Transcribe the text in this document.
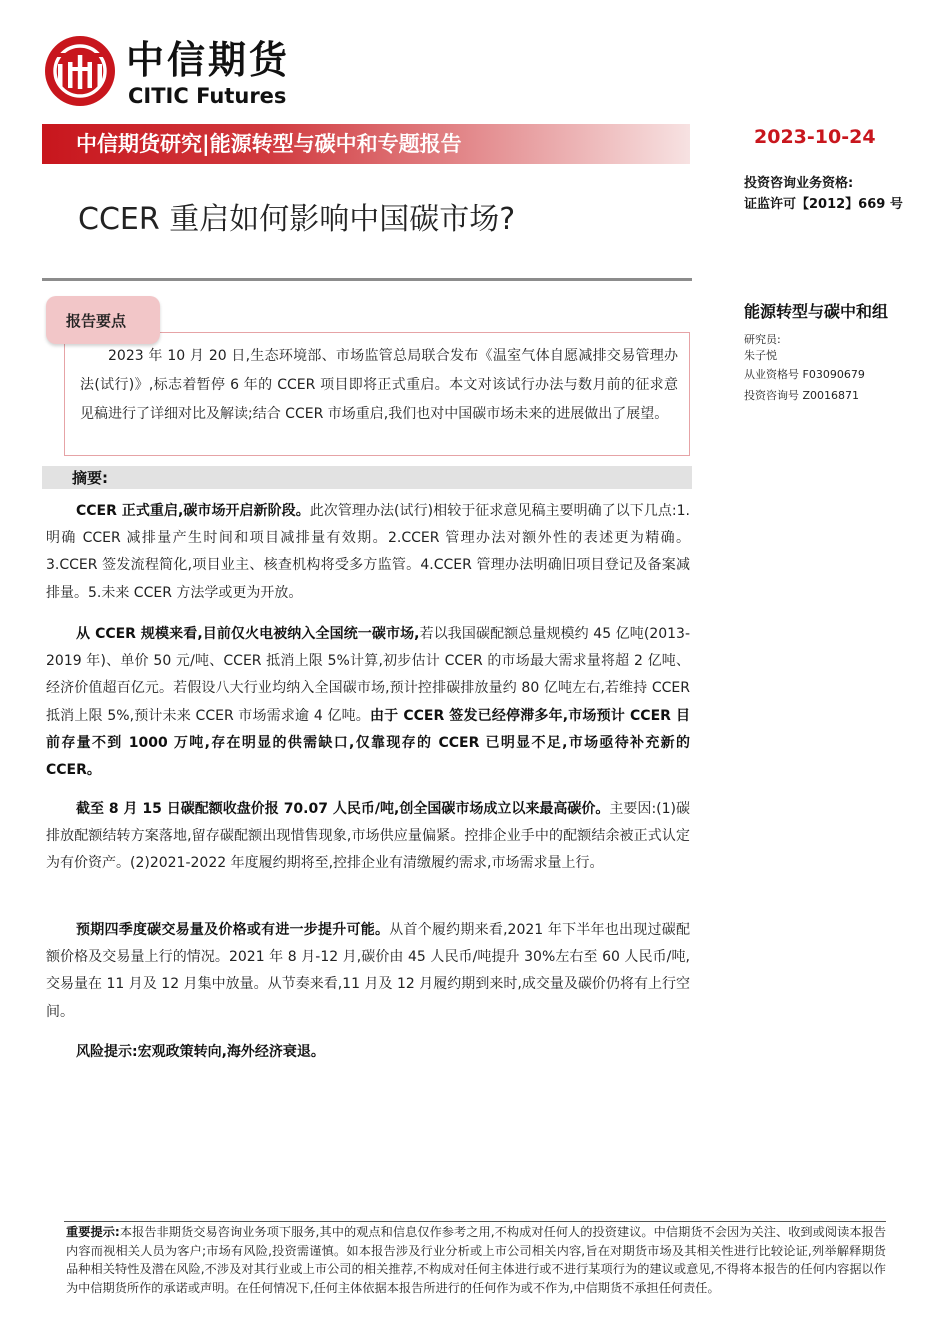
中信期货
CITIC Futures
中信期货研究|能源转型与碳中和专题报告	2023-10-24
投资咨询业务资格:
证监许可【2012】669 号
CCER 重启如何影响中国碳市场?
能源转型与碳中和组
研究员:
朱子悦
从业资格号 F03090679
投资咨询号 Z0016871
报告要点

2023 年 10 月 20 日,生态环境部、市场监管总局联合发布《温室气体自愿减排交易管理办法(试行)》,标志着暂停 6 年的 CCER 项目即将正式重启。本文对该试行办法与数月前的征求意见稿进行了详细对比及解读;结合 CCER 市场重启,我们也对中国碳市场未来的进展做出了展望。

摘要:

CCER 正式重启,碳市场开启新阶段。此次管理办法(试行)相较于征求意见稿主要明确了以下几点:1.明确 CCER 减排量产生时间和项目减排量有效期。2.CCER 管理办法对额外性的表述更为精确。3.CCER 签发流程简化,项目业主、核查机构将受多方监管。4.CCER 管理办法明确旧项目登记及备案减排量。5.未来 CCER 方法学或更为开放。

从 CCER 规模来看,目前仅火电被纳入全国统一碳市场,若以我国碳配额总量规模约 45 亿吨(2013-2019 年)、单价 50 元/吨、CCER 抵消上限 5%计算,初步估计 CCER 的市场最大需求量将超 2 亿吨、经济价值超百亿元。若假设八大行业均纳入全国碳市场,预计控排碳排放量约 80 亿吨左右,若维持 CCER 抵消上限 5%,预计未来 CCER 市场需求逾 4 亿吨。由于 CCER 签发已经停滞多年,市场预计 CCER 目前存量不到 1000 万吨,存在明显的供需缺口,仅靠现存的 CCER 已明显不足,市场亟待补充新的 CCER。

截至 8 月 15 日碳配额收盘价报 70.07 人民币/吨,创全国碳市场成立以来最高碳价。主要因:(1)碳排放配额结转方案落地,留存碳配额出现惜售现象,市场供应量偏紧。控排企业手中的配额结余被正式认定为有价资产。(2)2021-2022 年度履约期将至,控排企业有清缴履约需求,市场需求量上行。

预期四季度碳交易量及价格或有进一步提升可能。从首个履约期来看,2021 年下半年也出现过碳配额价格及交易量上行的情况。2021 年 8 月-12 月,碳价由 45 人民币/吨提升 30%左右至 60 人民币/吨,交易量在 11 月及 12 月集中放量。从节奏来看,11 月及 12 月履约期到来时,成交量及碳价仍将有上行空间。

风险提示:宏观政策转向,海外经济衰退。

重要提示:本报告非期货交易咨询业务项下服务,其中的观点和信息仅作参考之用,不构成对任何人的投资建议。中信期货不会因为关注、收到或阅读本报告内容而视相关人员为客户;市场有风险,投资需谨慎。如本报告涉及行业分析或上市公司相关内容,旨在对期货市场及其相关性进行比较论证,列举解释期货品种相关特性及潜在风险,不涉及对其行业或上市公司的相关推荐,不构成对任何主体进行或不进行某项行为的建议或意见,不得将本报告的任何内容据以作为中信期货所作的承诺或声明。在任何情况下,任何主体依据本报告所进行的任何作为或不作为,中信期货不承担任何责任。
